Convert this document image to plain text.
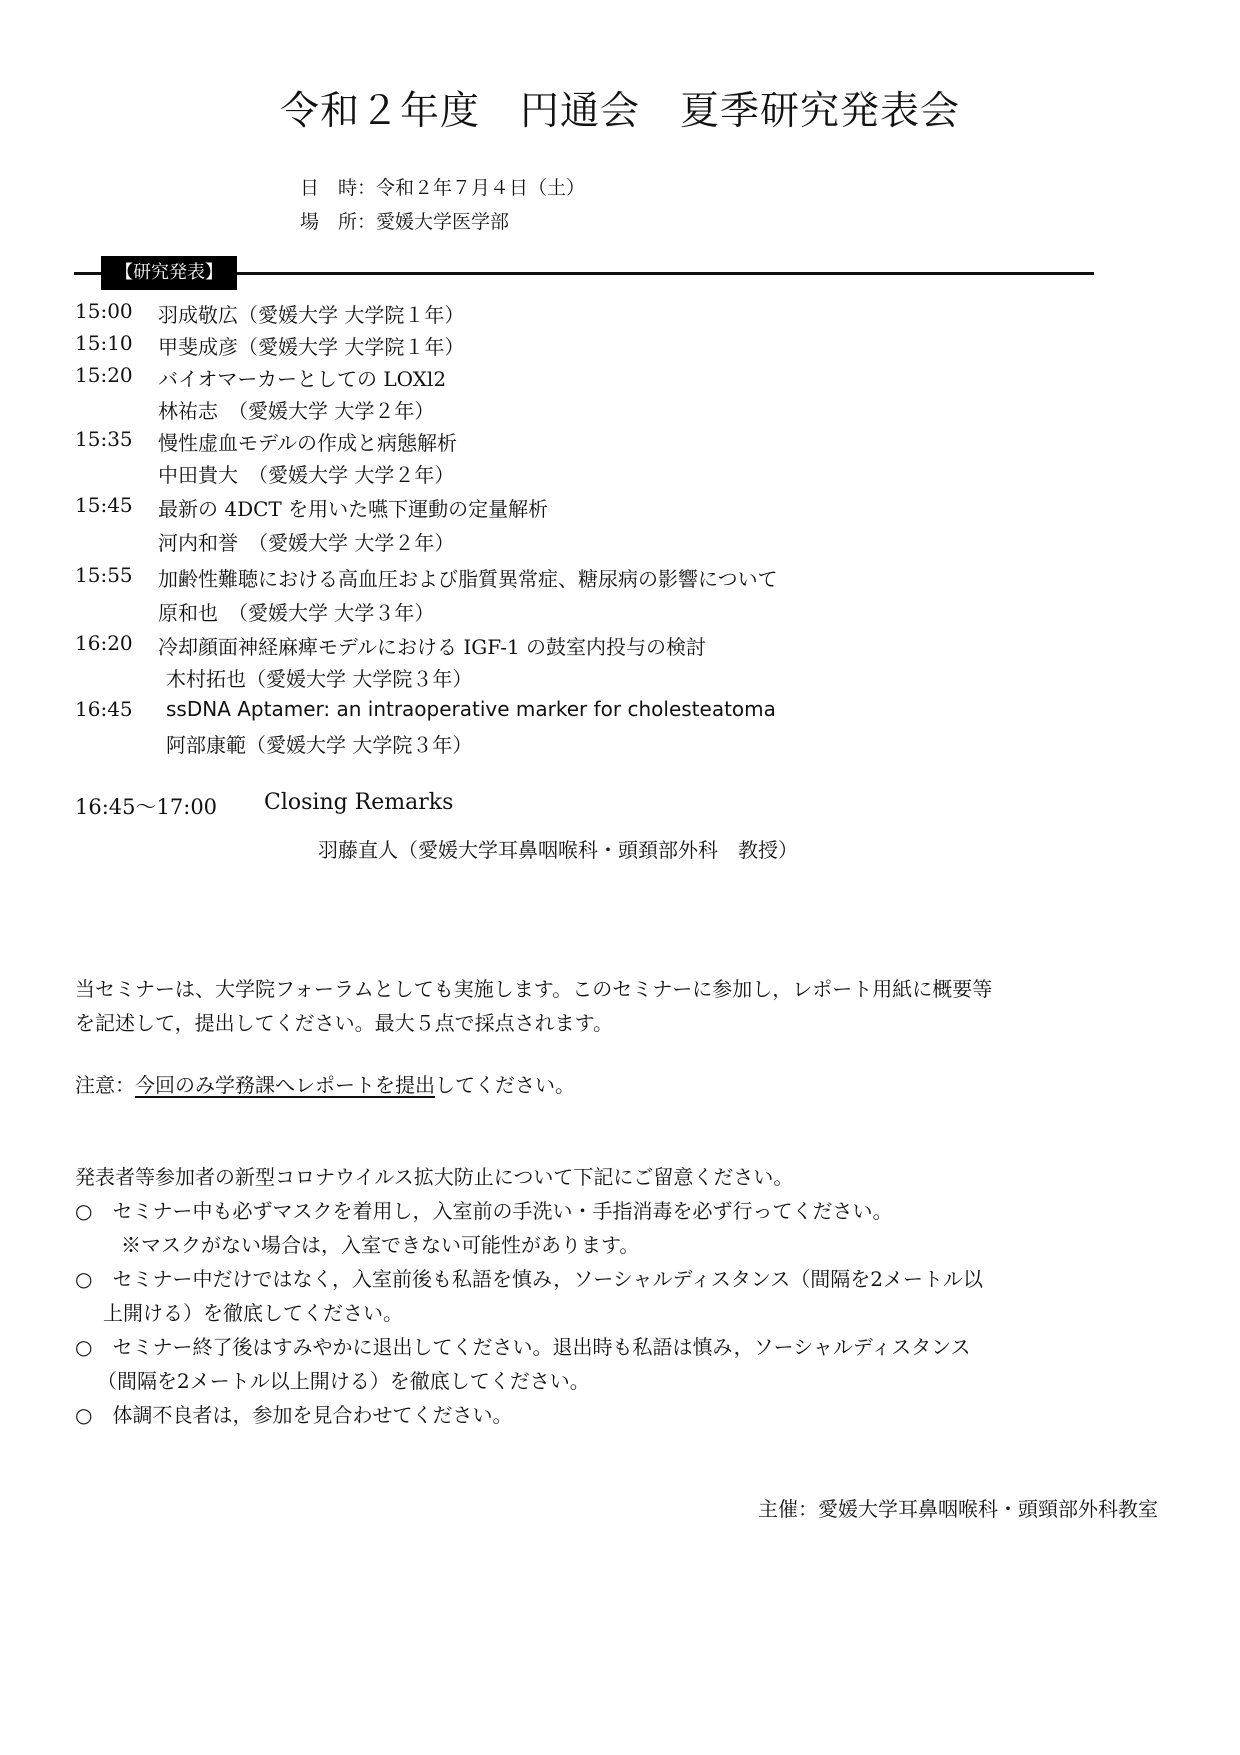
令和２年度　円通会　夏季研究発表会
日　時：令和２年７月４日（土）
場　所：愛媛大学医学部
【研究発表】
15:00 羽成敬広（愛媛大学 大学院１年）
15:10 甲斐成彦（愛媛大学 大学院１年）
15:20 バイオマーカーとしての LOXl2
林祐志　（愛媛大学 大学２年）
15:35 慢性虚血モデルの作成と病態解析
中田貴大　（愛媛大学 大学２年）
15:45 最新の 4DCT を用いた嚥下運動の定量解析
河内和誉　（愛媛大学 大学２年）
15:55 加齢性難聴における高血圧および脂質異常症、糖尿病の影響について
原和也　（愛媛大学 大学３年）
16:20 冷却顔面神経麻痺モデルにおける IGF-1 の鼓室内投与の検討
木村拓也（愛媛大学 大学院３年）
16:45 ssDNA Aptamer: an intraoperative marker for cholesteatoma
阿部康範（愛媛大学 大学院３年）
16:45～17:00 Closing Remarks
羽藤直人（愛媛大学耳鼻咽喉科・頭頚部外科　教授）
当セミナーは、大学院フォーラムとしても実施します。このセミナーに参加し，レポート用紙に概要等
を記述して，提出してください。最大５点で採点されます。
注意：今回のみ学務課へレポートを提出してください。
発表者等参加者の新型コロナウイルス拡大防止について下記にご留意ください。
○　セミナー中も必ずマスクを着用し，入室前の手洗い・手指消毒を必ず行ってください。
※マスクがない場合は，入室できない可能性があります。
○　セミナー中だけではなく，入室前後も私語を慎み，ソーシャルディスタンス（間隔を2メートル以
上開ける）を徹底してください。
○　セミナー終了後はすみやかに退出してください。退出時も私語は慎み，ソーシャルディスタンス
（間隔を2メートル以上開ける）を徹底してください。
○　体調不良者は，参加を見合わせてください。
主催：愛媛大学耳鼻咽喉科・頭頸部外科教室
